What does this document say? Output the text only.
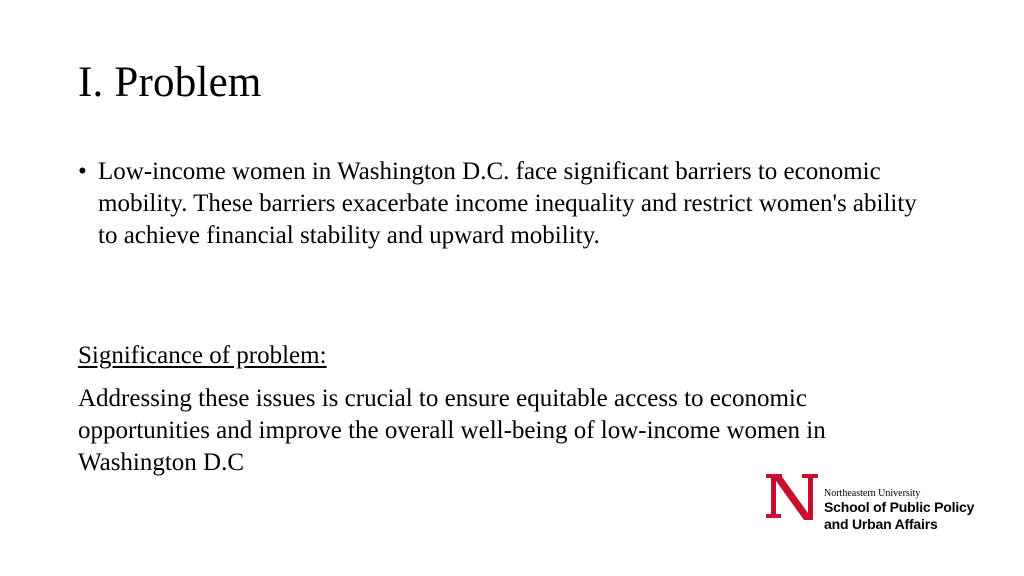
I. Problem
• Low-income women in Washington D.C. face significant barriers to economic mobility. These barriers exacerbate income inequality and restrict women's ability to achieve financial stability and upward mobility.

Significance of problem:

Addressing these issues is crucial to ensure equitable access to economic opportunities and improve the overall well-being of low-income women in Washington D.C

Northeastern University
School of Public Policy
and Urban Affairs
